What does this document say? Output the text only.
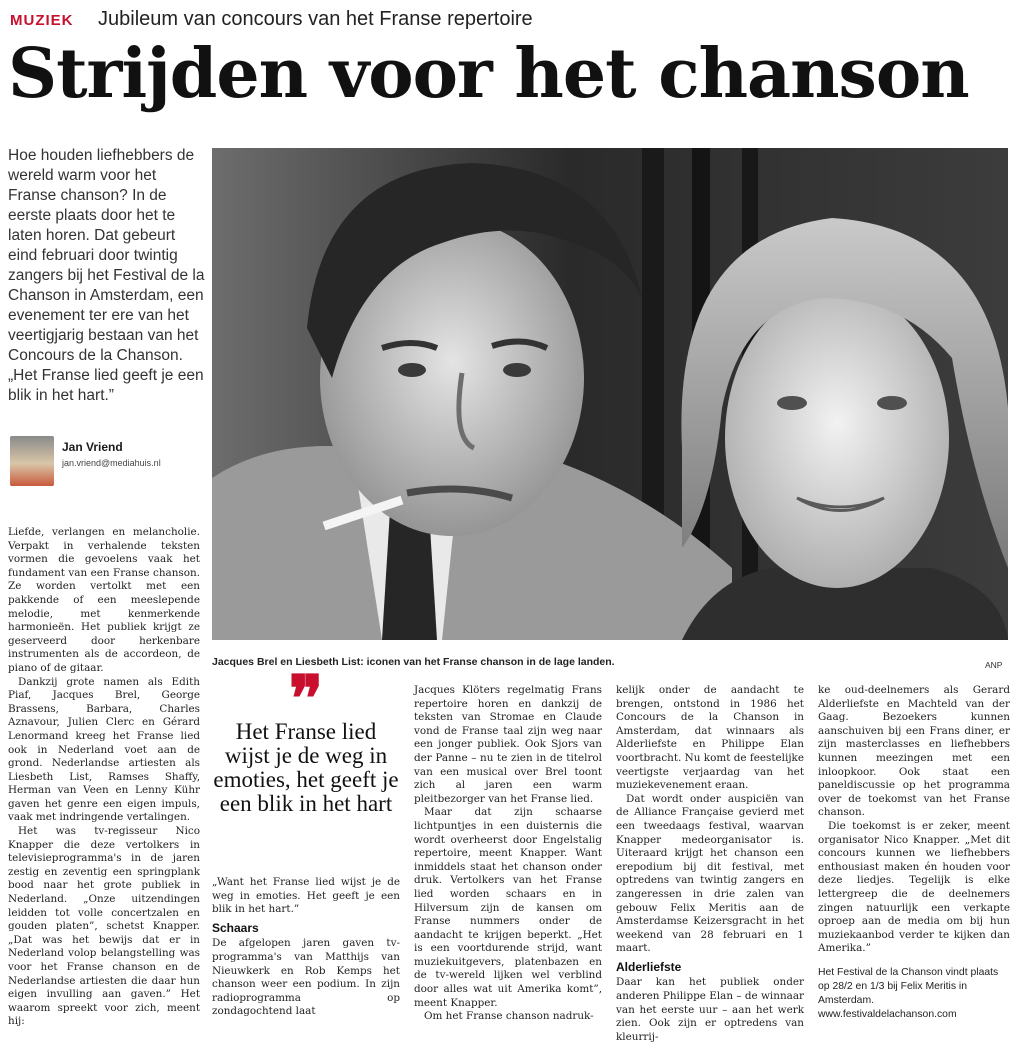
MUZIEK Jubileum van concours van het Franse repertoire
Strijden voor het chanson

Hoe houden liefhebbers de wereld warm voor het Franse chanson? In de eerste plaats door het te laten horen. Dat gebeurt eind februari door twintig zangers bij het Festival de la Chanson in Amsterdam, een evenement ter ere van het veertigjarig bestaan van het Concours de la Chanson. „Het Franse lied geeft je een blik in het hart.”

Jan Vriend
jan.vriend@mediahuis.nl
Jacques Brel en Liesbeth List: iconen van het Franse chanson in de lage landen.	ANP

Liefde, verlangen en melancholie. Verpakt in verhalende teksten vormen die gevoelens vaak het fundament van een Franse chanson. Ze worden vertolkt met een pakkende of een meeslepende melodie, met kenmerkende harmonieën. Het publiek krijgt ze geserveerd door herkenbare instrumenten als de accordeon, de piano of de gitaar.

Dankzij grote namen als Edith Piaf, Jacques Brel, George Brassens, Barbara, Charles Aznavour, Julien Clerc en Gérard Lenormand kreeg het Franse lied ook in Nederland voet aan de grond. Nederlandse artiesten als Liesbeth List, Ramses Shaffy, Herman van Veen en Lenny Kühr gaven het genre een eigen impuls, vaak met indringende vertalingen.

Het was tv-regisseur Nico Knapper die deze vertolkers in televisieprogramma's in de jaren zestig en zeventig een springplank bood naar het grote publiek in Nederland. „Onze uitzendingen leidden tot volle concertzalen en gouden platen”, schetst Knapper. „Dat was het bewijs dat er in Nederland volop belangstelling was voor het Franse chanson en de Nederlandse artiesten die daar hun eigen invulling aan gaven.” Het waarom spreekt voor zich, meent hij:

❞
Het Franse lied wijst je de weg in emoties, het geeft je een blik in het hart

„Want het Franse lied wijst je de weg in emoties. Het geeft je een blik in het hart.”

Schaars

De afgelopen jaren gaven tv-programma's van Matthijs van Nieuwkerk en Rob Kemps het chanson weer een podium. In zijn radioprogramma op zondagochtend laat

Jacques Klöters regelmatig Frans repertoire horen en dankzij de teksten van Stromae en Claude vond de Franse taal zijn weg naar een jonger publiek. Ook Sjors van der Panne – nu te zien in de titelrol van een musical over Brel toont zich al jaren een warm pleitbezorger van het Franse lied.

Maar dat zijn schaarse lichtpuntjes in een duisternis die wordt overheerst door Engelstalig repertoire, meent Knapper. Want inmiddels staat het chanson onder druk. Vertolkers van het Franse lied worden schaars en in Hilversum zijn de kansen om Franse nummers onder de aandacht te krijgen beperkt. „Het is een voortdurende strijd, want muziekuitgevers, platenbazen en de tv-wereld lijken wel verblind door alles wat uit Amerika komt”, meent Knapper.

Om het Franse chanson nadruk-

kelijk onder de aandacht te brengen, ontstond in 1986 het Concours de la Chanson in Amsterdam, dat winnaars als Alderliefste en Philippe Elan voortbracht. Nu komt de feestelijke veertigste verjaardag van het muziekevenement eraan.

Dat wordt onder auspiciën van de Alliance Française gevierd met een tweedaags festival, waarvan Knapper medeorganisator is. Uiteraard krijgt het chanson een erepodium bij dit festival, met optredens van twintig zangers en zangeressen in drie zalen van gebouw Felix Meritis aan de Amsterdamse Keizersgracht in het weekend van 28 februari en 1 maart.

Alderliefste

Daar kan het publiek onder anderen Philippe Elan – de winnaar van het eerste uur – aan het werk zien. Ook zijn er optredens van kleurrij-

ke oud-deelnemers als Gerard Alderliefste en Machteld van der Gaag. Bezoekers kunnen aanschuiven bij een Frans diner, er zijn masterclasses en liefhebbers kunnen meezingen met een inloopkoor. Ook staat een paneldiscussie op het programma over de toekomst van het Franse chanson.

Die toekomst is er zeker, meent organisator Nico Knapper. „Met dit concours kunnen we liefhebbers enthousiast maken én houden voor deze liedjes. Tegelijk is elke lettergreep die de deelnemers zingen natuurlijk een verkapte oproep aan de media om bij hun muziekaanbod verder te kijken dan Amerika.”

Het Festival de la Chanson vindt plaats op 28/2 en 1/3 bij Felix Meritis in Amsterdam. www.festivaldelachanson.com
